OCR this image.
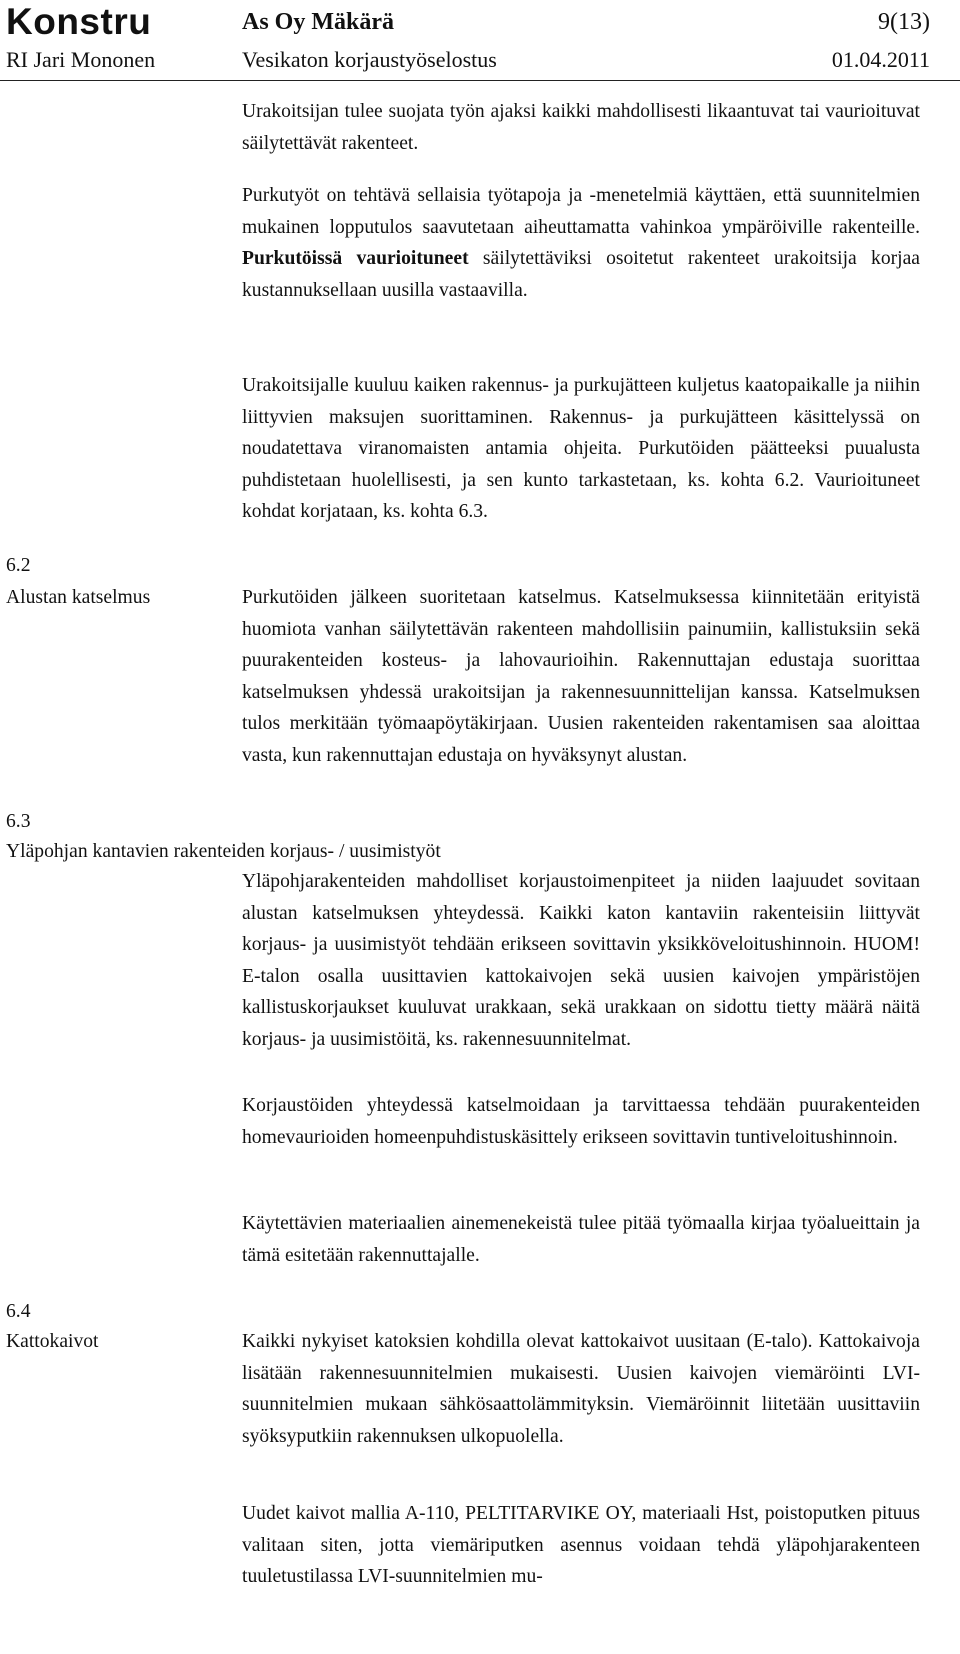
Konstru	As Oy Mäkärä	9(13)
RI Jari Mononen	Vesikaton korjaustyöselostus	01.04.2011

Urakoitsijan tulee suojata työn ajaksi kaikki mahdollisesti likaantuvat tai vaurioituvat säilytettävät rakenteet.

Purkutyöt on tehtävä sellaisia työtapoja ja -menetelmiä käyttäen, että suunnitelmien mukainen lopputulos saavutetaan aiheuttamatta vahinkoa ympäröiville rakenteille. Purkutöissä vaurioituneet säilytettäviksi osoitetut rakenteet urakoitsija korjaa kustannuksellaan uusilla vastaavilla.

Urakoitsijalle kuuluu kaiken rakennus- ja purkujätteen kuljetus kaatopaikalle ja niihin liittyvien maksujen suorittaminen. Rakennus- ja purkujätteen käsittelyssä on noudatettava viranomaisten antamia ohjeita. Purkutöiden päätteeksi puualusta puhdistetaan huolellisesti, ja sen kunto tarkastetaan, ks. kohta 6.2. Vaurioituneet kohdat korjataan, ks. kohta 6.3.

6.2
Alustan katselmus	Purkutöiden jälkeen suoritetaan katselmus. Katselmuksessa kiinnitetään erityistä huomiota vanhan säilytettävän rakenteen mahdollisiin painumiin, kallistuksiin sekä puurakenteiden kosteus- ja lahovaurioihin. Rakennuttajan edustaja suorittaa katselmuksen yhdessä urakoitsijan ja rakennesuunnittelijan kanssa. Katselmuksen tulos merkitään työmaapöytäkirjaan. Uusien rakenteiden rakentamisen saa aloittaa vasta, kun rakennuttajan edustaja on hyväksynyt alustan.

6.3
Yläpohjan kantavien rakenteiden korjaus- / uusimistyöt

Yläpohjarakenteiden mahdolliset korjaustoimenpiteet ja niiden laajuudet sovitaan alustan katselmuksen yhteydessä. Kaikki katon kantaviin rakenteisiin liittyvät korjaus- ja uusimistyöt tehdään erikseen sovittavin yksikköveloitushinnoin. HUOM! E-talon osalla uusittavien kattokaivojen sekä uusien kaivojen ympäristöjen kallistuskorjaukset kuuluvat urakkaan, sekä urakkaan on sidottu tietty määrä näitä korjaus- ja uusimistöitä, ks. rakennesuunnitelmat.

Korjaustöiden yhteydessä katselmoidaan ja tarvittaessa tehdään puurakenteiden homevaurioiden homeenpuhdistuskäsittely erikseen sovittavin tuntiveloitushinnoin.

Käytettävien materiaalien ainemenekeistä tulee pitää työmaalla kirjaa työalueittain ja tämä esitetään rakennuttajalle.

6.4
Kattokaivot	Kaikki nykyiset katoksien kohdilla olevat kattokaivot uusitaan (E-talo). Kattokaivoja lisätään rakennesuunnitelmien mukaisesti. Uusien kaivojen viemäröinti LVI-suunnitelmien mukaan sähkösaattolämmityksin. Viemäröinnit liitetään uusittaviin syöksyputkiin rakennuksen ulkopuolella.

Uudet kaivot mallia A-110, PELTITARVIKE OY, materiaali Hst, poistoputken pituus valitaan siten, jotta viemäriputken asennus voidaan tehdä yläpohjarakenteen tuuletustilassa LVI-suunnitelmien mu-
